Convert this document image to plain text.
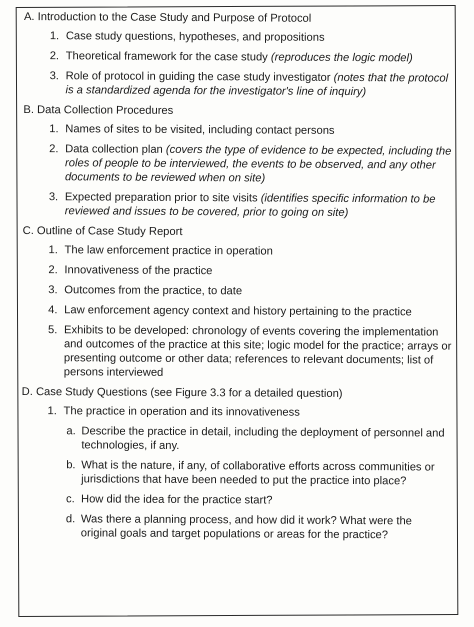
A. Introduction to the Case Study and Purpose of Protocol
1. Case study questions, hypotheses, and propositions
2. Theoretical framework for the case study (reproduces the logic model)
3. Role of protocol in guiding the case study investigator (notes that the protocol is a standardized agenda for the investigator's line of inquiry)
B. Data Collection Procedures
1. Names of sites to be visited, including contact persons
2. Data collection plan (covers the type of evidence to be expected, including the roles of people to be interviewed, the events to be observed, and any other documents to be reviewed when on site)
3. Expected preparation prior to site visits (identifies specific information to be reviewed and issues to be covered, prior to going on site)
C. Outline of Case Study Report
1. The law enforcement practice in operation
2. Innovativeness of the practice
3. Outcomes from the practice, to date
4. Law enforcement agency context and history pertaining to the practice
5. Exhibits to be developed: chronology of events covering the implementation and outcomes of the practice at this site; logic model for the practice; arrays or presenting outcome or other data; references to relevant documents; list of persons interviewed
D. Case Study Questions (see Figure 3.3 for a detailed question)
1. The practice in operation and its innovativeness
a. Describe the practice in detail, including the deployment of personnel and technologies, if any.
b. What is the nature, if any, of collaborative efforts across communities or jurisdictions that have been needed to put the practice into place?
c. How did the idea for the practice start?
d. Was there a planning process, and how did it work? What were the original goals and target populations or areas for the practice?
